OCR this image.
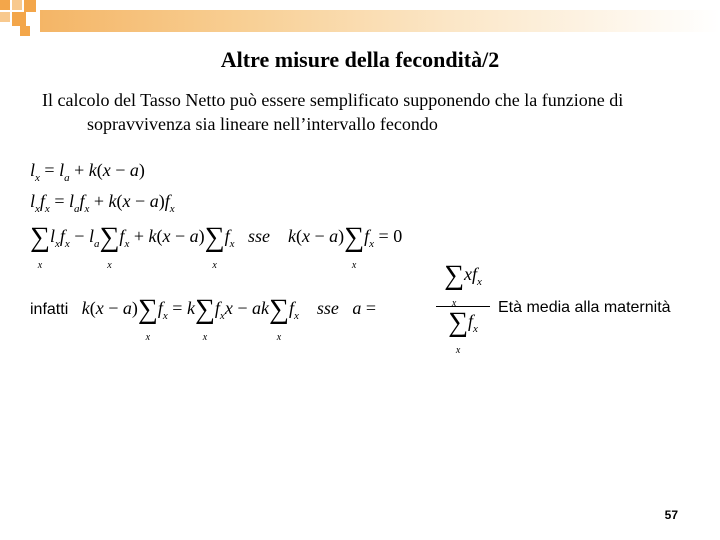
Altre misure della fecondità/2
Il calcolo del Tasso Netto può essere semplificato supponendo che la funzione di
sopravvivenza sia lineare nell’intervallo fecondo
$l_x = l_a + k(x - a)$
$l_xf_x = l_af_x + k(x - a)f_x$
∑
x
$l_xf_x - l_a\sum$
x
$f_x + k(x - a)\sum$
x
$f_x$ sse k(x − a)∑
x
$f_x = 0$
infatti k(x − a)∑
x
$f_x = k\sum$
x
$f_xx - ak\sum$
x
$f_x$ sse a =
∑
x
$xf_x$
∑
x
$f_x$
Età media alla maternità
57
